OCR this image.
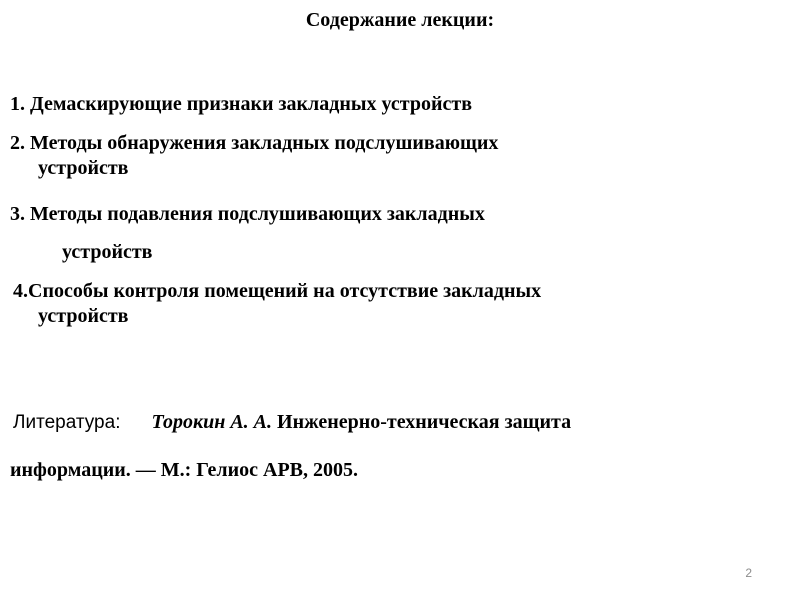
Содержание лекции:
1. Демаскирующие признаки закладных устройств
2. Методы обнаружения закладных подслушивающих
устройств
3. Методы подавления подслушивающих закладных
устройств
4.Способы контроля помещений на отсутствие закладных
устройств
Литература: Торокин А. А. Инженерно-техническая защита
информации. — М.: Гелиос АРВ, 2005.
2
